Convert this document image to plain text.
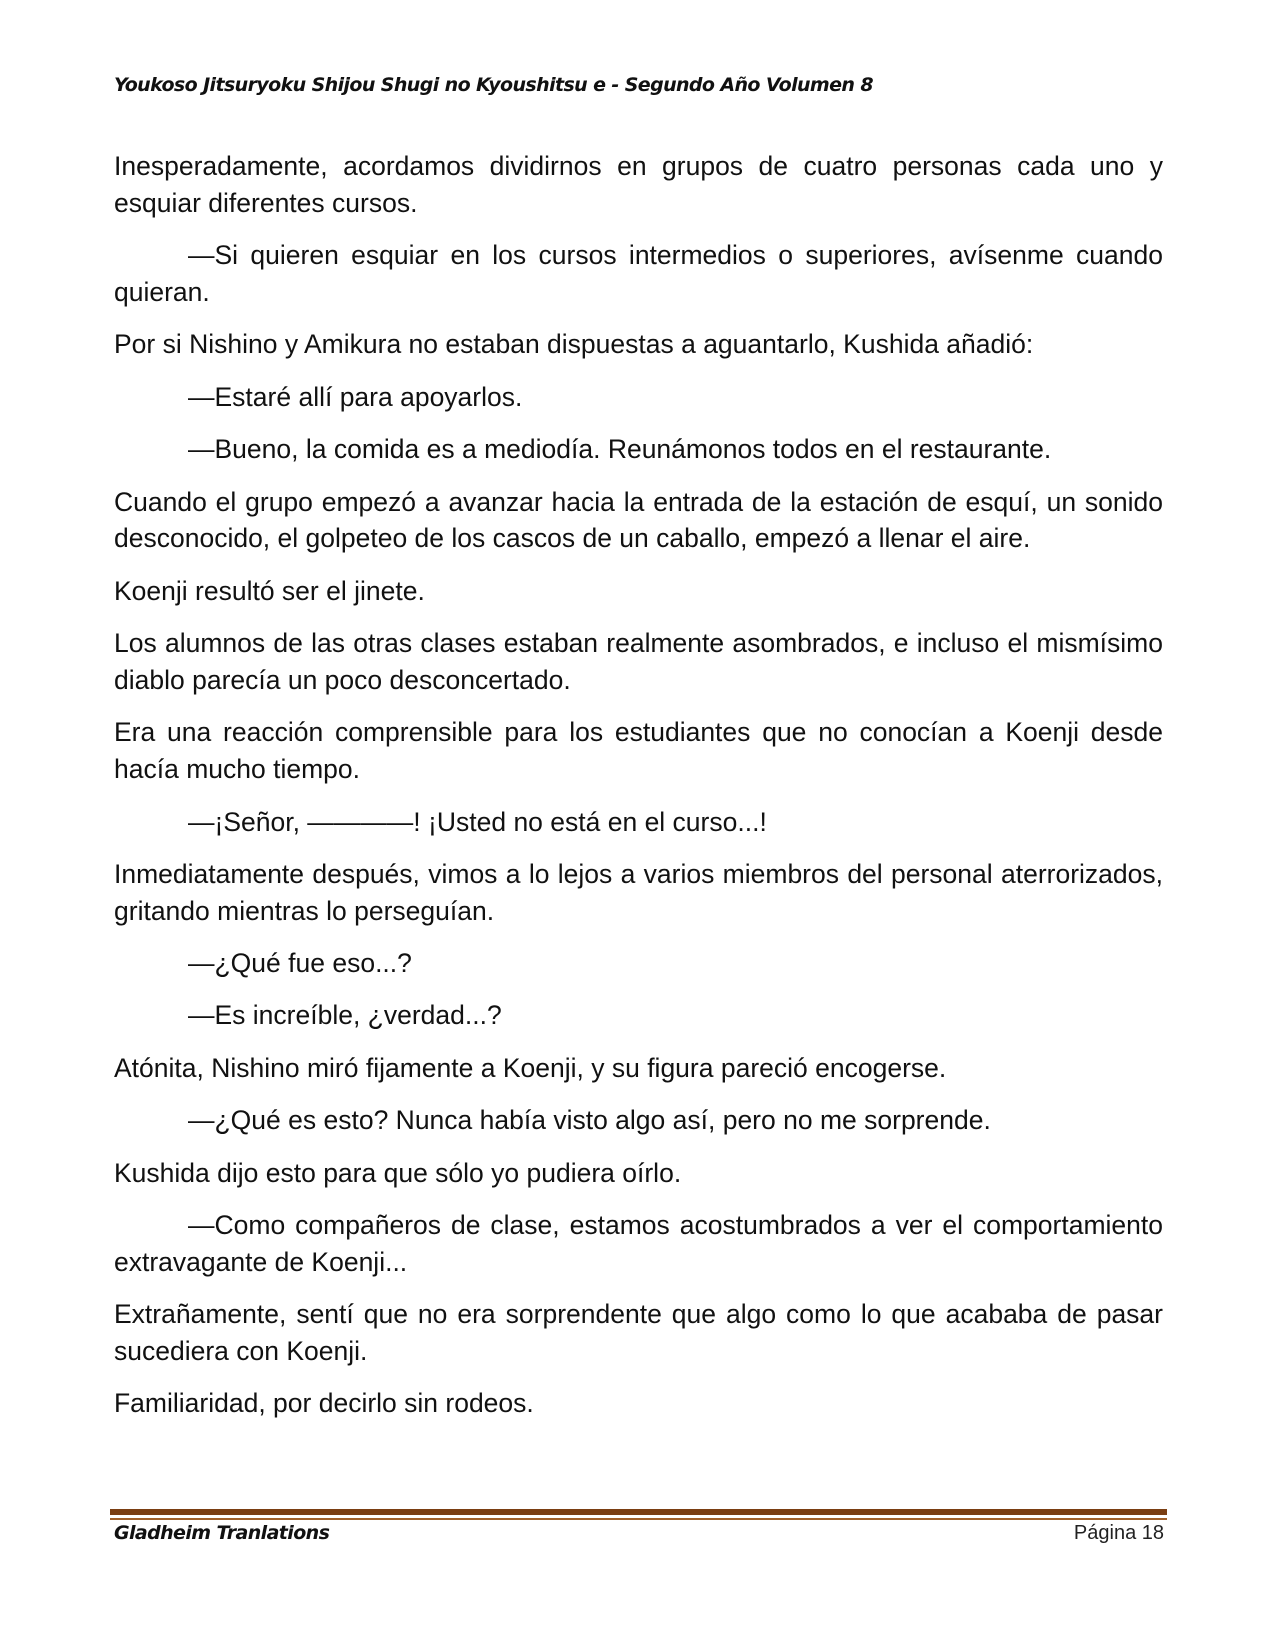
Youkoso Jitsuryoku Shijou Shugi no Kyoushitsu e - Segundo Año Volumen 8

Inesperadamente, acordamos dividirnos en grupos de cuatro personas cada uno y esquiar diferentes cursos.

—Si quieren esquiar en los cursos intermedios o superiores, avísenme cuando quieran.

Por si Nishino y Amikura no estaban dispuestas a aguantarlo, Kushida añadió:

—Estaré allí para apoyarlos.

—Bueno, la comida es a mediodía. Reunámonos todos en el restaurante.

Cuando el grupo empezó a avanzar hacia la entrada de la estación de esquí, un sonido desconocido, el golpeteo de los cascos de un caballo, empezó a llenar el aire.

Koenji resultó ser el jinete.

Los alumnos de las otras clases estaban realmente asombrados, e incluso el mismísimo diablo parecía un poco desconcertado.

Era una reacción comprensible para los estudiantes que no conocían a Koenji desde hacía mucho tiempo.

—¡Señor, ————! ¡Usted no está en el curso...!

Inmediatamente después, vimos a lo lejos a varios miembros del personal aterrorizados, gritando mientras lo perseguían.

—¿Qué fue eso...?

—Es increíble, ¿verdad...?

Atónita, Nishino miró fijamente a Koenji, y su figura pareció encogerse.

—¿Qué es esto? Nunca había visto algo así, pero no me sorprende.

Kushida dijo esto para que sólo yo pudiera oírlo.

—Como compañeros de clase, estamos acostumbrados a ver el comportamiento extravagante de Koenji...

Extrañamente, sentí que no era sorprendente que algo como lo que acababa de pasar sucediera con Koenji.

Familiaridad, por decirlo sin rodeos.

Gladheim Tranlations	Página 18
